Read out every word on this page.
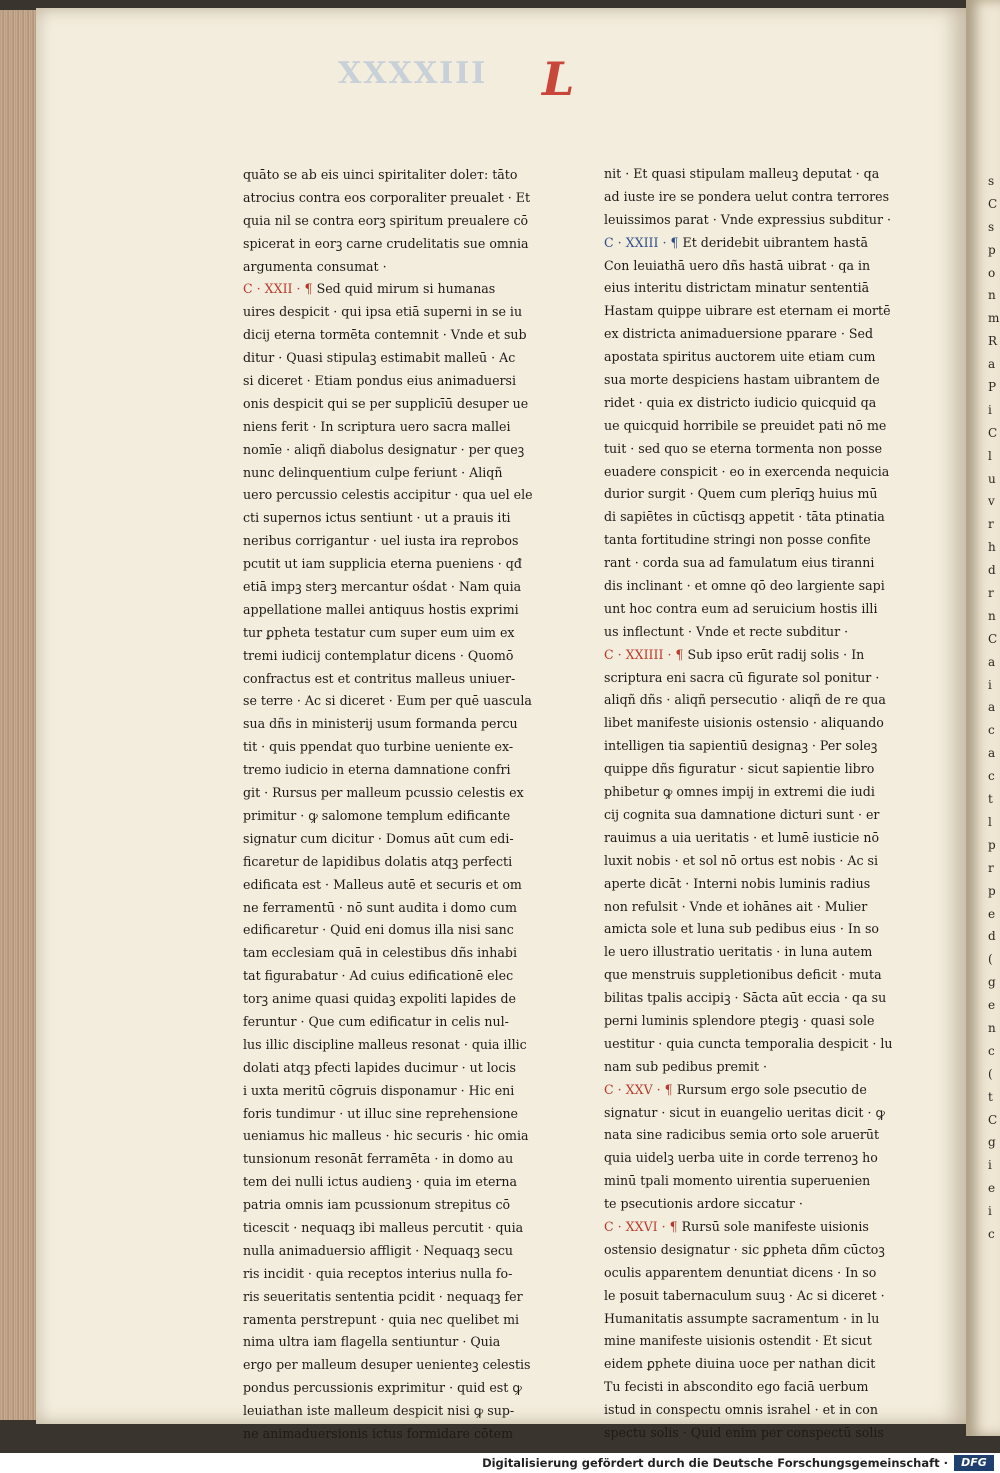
XXXXIII L
quāto se ab eis uinci spiritaliter doleт: tāto
atrocius contra eos corporaliter preualet · Et
quia nil se contra eorꝫ spiritum preualere cō
spicerat in eorꝫ carne crudelitatis sue omnia
argumenta consumat ·
C · XXII · ¶ Sed quid mirum si humanas
uires despicit · qui ipsa etiā superni in se iu
dicij eterna tormēta contemnit · Vnde et sub
ditur · Quasi stipulaꝫ estimabit malleū · Ac
si diceret · Etiam pondus eius animaduersi
onis despicit qui se per supplicīū desuper ue
niens ferit · In scriptura uero sacra mallei
nomīe · aliqñ diabolus designatur · per queꝫ
nunc delinquentium culpe feriunt · Aliqñ
uero percussio celestis accipitur · qua uel ele
cti supernos ictus sentiunt · ut a prauis iti
neribus corrigantur · uel iusta ira reprobos
pcutit ut iam supplicia eterna pueniens · qđ
etiā impꝫ sterꝫ mercantur ośdat · Nam quia
appellatione mallei antiquus hostis exprimi
tur ꝑpheta testatur cum super eum uim ex
tremi iudicij contemplatur dicens · Quomō
confractus est et contritus malleus uniuer-
se terre · Ac si diceret · Eum per quē uascula
sua dñs in ministerij usum formanda percu
tit · quis ppendat quo turbine ueniente ex-
tremo iudicio in eterna damnatione confri
git · Rursus per malleum pcussio celestis ex
primitur · ꝙ salomone templum edificante
signatur cum dicitur · Domus aūt cum edi-
ficaretur de lapidibus dolatis atqꝫ perfecti
edificata est · Malleus autē et securis et om
ne ferramentū · nō sunt audita i domo cum
edificaretur · Quid eni domus illa nisi sanc
tam ecclesiam quā in celestibus dñs inhabi
tat figurabatur · Ad cuius edificationē elec
torꝫ anime quasi quidaꝫ expoliti lapides de
feruntur · Que cum edificatur in celis nul-
lus illic discipline malleus resonat · quia illic
dolati atqꝫ pfecti lapides ducimur · ut locis
i uxta meritū cōgruis disponamur · Hic eni
foris tundimur · ut illuc sine reprehensione
ueniamus hic malleus · hic securis · hic omia
tunsionum resonāt ferramēta · in domo au
tem dei nulli ictus audienꝫ · quia im eterna
patria omnis iam pcussionum strepitus cō
ticescit · nequaqꝫ ibi malleus percutit · quia
nulla animaduersio affligit · Nequaqꝫ secu
ris incidit · quia receptos interius nulla fo-
ris seueritatis sententia pcidit · nequaqꝫ fer
ramenta perstrepunt · quia nec quelibet mi
nima ultra iam flagella sentiuntur · Quia
ergo per malleum desuper uenienteꝫ celestis
pondus percussionis exprimitur · quid est ꝙ
leuiathan iste malleum despicit nisi ꝙ sup-
ne animaduersionis ictus formidare cōtem
nit · Et quasi stipulam malleuꝫ deputat · qa
ad iuste ire se pondera uelut contra terrores
leuissimos parat · Vnde expressius subditur ·
C · XXIII · ¶ Et deridebit uibrantem hastā
Con leuiathā uero dñs hastā uibrat · qa in
eius interitu districtam minatur sententiā
Hastam quippe uibrare est eternam ei mortē
ex districta animaduersione pparare · Sed
apostata spiritus auctorem uite etiam cum
sua morte despiciens hastam uibrantem de
ridet · quia ex districto iudicio quicquid qa
ue quicquid horribile se preuidet pati nō me
tuit · sed quo se eterna tormenta non posse
euadere conspicit · eo in exercenda nequicia
durior surgit · Quem cum plerīqꝫ huius mū
di sapiētes in cūctisqꝫ appetit · tāta ptinatia
tanta fortitudine stringi non posse confite
rant · corda sua ad famulatum eius tiranni
dis inclinant · et omne qō deo largiente sapi
unt hoc contra eum ad seruicium hostis illi
us inflectunt · Vnde et recte subditur ·
C · XXIIII · ¶ Sub ipso erūt radij solis · In
scriptura eni sacra cū figurate sol ponitur ·
aliqñ dñs · aliqñ persecutio · aliqñ de re qua
libet manifeste uisionis ostensio · aliquando
intelligen tia sapientiū designaꝫ · Per soleꝫ
quippe dñs figuratur · sicut sapientie libro
phibetur ꝙ omnes impij in extremi die iudi
cij cognita sua damnatione dicturi sunt · er
rauimus a uia ueritatis · et lumē iusticie nō
luxit nobis · et sol nō ortus est nobis · Ac si
aperte dicāt · Interni nobis luminis radius
non refulsit · Vnde et iohānes ait · Mulier
amicta sole et luna sub pedibus eius · In so
le uero illustratio ueritatis · in luna autem
que menstruis suppletionibus deficit · muta
bilitas tpalis accipiꝫ · Sācta aūt eccia · qa su
perni luminis splendore ptegiꝫ · quasi sole
uestitur · quia cuncta temporalia despicit · lu
nam sub pedibus premit ·
C · XXV · ¶ Rursum ergo sole psecutio de
signatur · sicut in euangelio ueritas dicit · ꝙ
nata sine radicibus semia orto sole aruerūt
quia uidelꝫ uerba uite in corde terrenoꝫ ho
minū tpali momento uirentia superuenien
te psecutionis ardore siccatur ·
C · XXVI · ¶ Rursū sole manifeste uisionis
ostensio designatur · sic ꝑpheta dñm cūctoꝫ
oculis apparentem denuntiat dicens · In so
le posuit tabernaculum suuꝫ · Ac si diceret ·
Humanitatis assumpte sacramentum · in lu
mine manifeste uisionis ostendit · Et sicut
eidem ꝑphete diuina uoce per nathan dicit
Tu fecisti in abscondito ego faciā uerbum
istud in conspectu omnis israhel · et in con
spectu solis · Quid enim per conspectū solis
s
C
s
p
o
n
m
R
a
P
i
C
l
u
v
r
h
d
r
n
C
a
i
a
c
a
c
t
l
p
r
p
e
d
(
g
e
n
c
(
t
C
g
i
e
i
c
Digitalisierung gefördert durch die Deutsche Forschungsgemeinschaft ·	DFG
